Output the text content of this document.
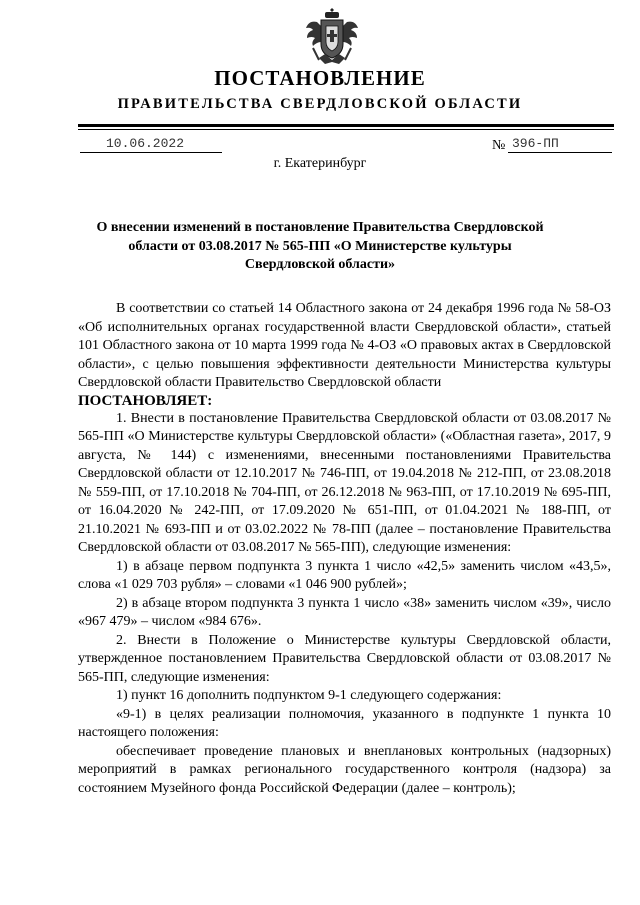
ПОСТАНОВЛЕНИЕ
ПРАВИТЕЛЬСТВА СВЕРДЛОВСКОЙ ОБЛАСТИ
10.06.2022	№ 396-ПП
г. Екатеринбург
О внесении изменений в постановление Правительства Свердловской области от 03.08.2017 № 565-ПП «О Министерстве культуры Свердловской области»

В соответствии со статьей 14 Областного закона от 24 декабря 1996 года № 58-ОЗ «Об исполнительных органах государственной власти Свердловской области», статьей 101 Областного закона от 10 марта 1999 года № 4-ОЗ «О правовых актах в Свердловской области», с целью повышения эффективности деятельности Министерства культуры Свердловской области Правительство Свердловской области

ПОСТАНОВЛЯЕТ:

1. Внести в постановление Правительства Свердловской области от 03.08.2017 № 565-ПП «О Министерстве культуры Свердловской области» («Областная газета», 2017, 9 августа, № 144) с изменениями, внесенными постановлениями Правительства Свердловской области от 12.10.2017 № 746-ПП, от 19.04.2018 № 212-ПП, от 23.08.2018 № 559-ПП, от 17.10.2018 № 704-ПП, от 26.12.2018 № 963-ПП, от 17.10.2019 № 695-ПП, от 16.04.2020 № 242-ПП, от 17.09.2020 № 651-ПП, от 01.04.2021 № 188-ПП, от 21.10.2021 № 693-ПП и от 03.02.2022 № 78-ПП (далее – постановление Правительства Свердловской области от 03.08.2017 № 565-ПП), следующие изменения:

1) в абзаце первом подпункта 3 пункта 1 число «42,5» заменить числом «43,5», слова «1 029 703 рубля» – словами «1 046 900 рублей»;

2) в абзаце втором подпункта 3 пункта 1 число «38» заменить числом «39», число «967 479» – числом «984 676».

2. Внести в Положение о Министерстве культуры Свердловской области, утвержденное постановлением Правительства Свердловской области от 03.08.2017 № 565-ПП, следующие изменения:

1) пункт 16 дополнить подпунктом 9-1 следующего содержания:

«9-1) в целях реализации полномочия, указанного в подпункте 1 пункта 10 настоящего положения:

обеспечивает проведение плановых и внеплановых контрольных (надзорных) мероприятий в рамках регионального государственного контроля (надзора) за состоянием Музейного фонда Российской Федерации (далее – контроль);
